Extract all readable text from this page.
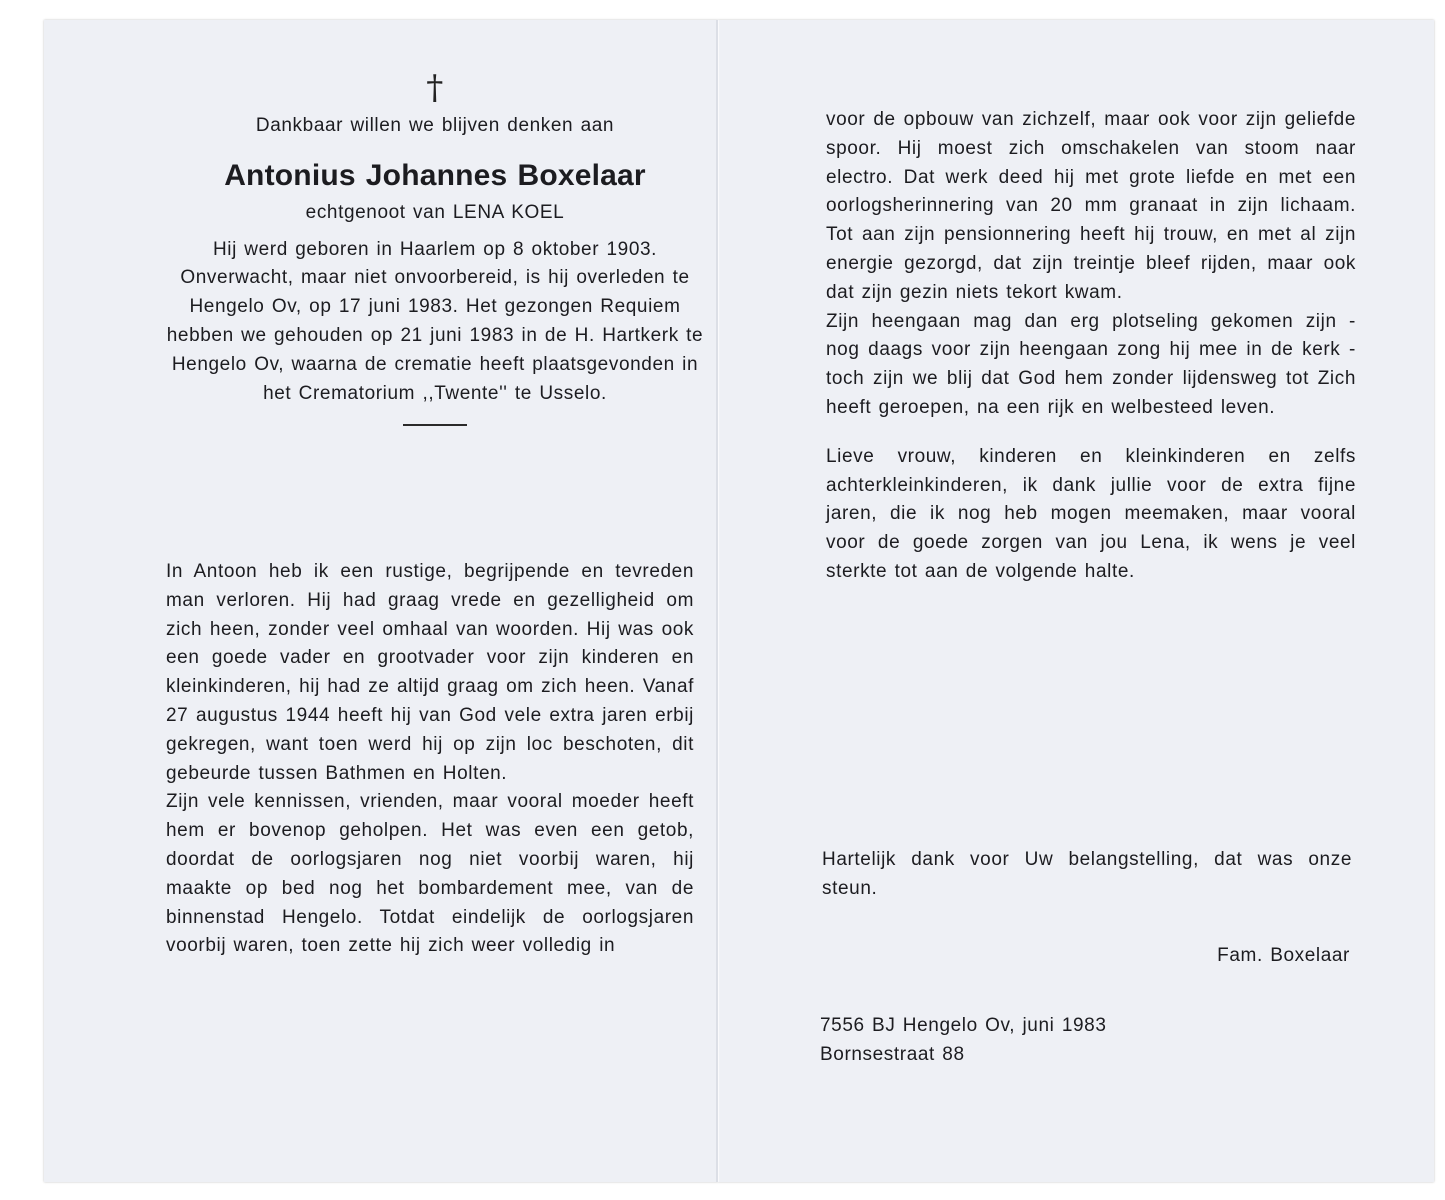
†

Dankbaar willen we blijven denken aan

Antonius Johannes Boxelaar

echtgenoot van LENA KOEL

Hij werd geboren in Haarlem op 8 oktober 1903. Onverwacht, maar niet onvoorbereid, is hij overleden te Hengelo Ov, op 17 juni 1983. Het gezongen Requiem hebben we gehouden op 21 juni 1983 in de H. Hartkerk te Hengelo Ov, waarna de crematie heeft plaatsgevonden in het Crematorium ,,Twente'' te Usselo.

In Antoon heb ik een rustige, begrijpende en tevreden man verloren. Hij had graag vrede en gezelligheid om zich heen, zonder veel omhaal van woorden. Hij was ook een goede vader en grootvader voor zijn kinderen en kleinkinderen, hij had ze altijd graag om zich heen. Vanaf 27 augustus 1944 heeft hij van God vele extra jaren erbij gekregen, want toen werd hij op zijn loc beschoten, dit gebeurde tussen Bathmen en Holten.

Zijn vele kennissen, vrienden, maar vooral moeder heeft hem er bovenop geholpen. Het was even een getob, doordat de oorlogsjaren nog niet voorbij waren, hij maakte op bed nog het bombardement mee, van de binnenstad Hengelo. Totdat eindelijk de oorlogsjaren voorbij waren, toen zette hij zich weer volledig in

voor de opbouw van zichzelf, maar ook voor zijn geliefde spoor. Hij moest zich omschakelen van stoom naar electro. Dat werk deed hij met grote liefde en met een oorlogsherinnering van 20 mm granaat in zijn lichaam. Tot aan zijn pensionnering heeft hij trouw, en met al zijn energie gezorgd, dat zijn treintje bleef rijden, maar ook dat zijn gezin niets tekort kwam.

Zijn heengaan mag dan erg plotseling gekomen zijn - nog daags voor zijn heengaan zong hij mee in de kerk - toch zijn we blij dat God hem zonder lijdensweg tot Zich heeft geroepen, na een rijk en welbesteed leven.

Lieve vrouw, kinderen en kleinkinderen en zelfs achterkleinkinderen, ik dank jullie voor de extra fijne jaren, die ik nog heb mogen meemaken, maar vooral voor de goede zorgen van jou Lena, ik wens je veel sterkte tot aan de volgende halte.

Hartelijk dank voor Uw belangstelling, dat was onze steun.

Fam. Boxelaar

7556 BJ Hengelo Ov, juni 1983
Bornsestraat 88
